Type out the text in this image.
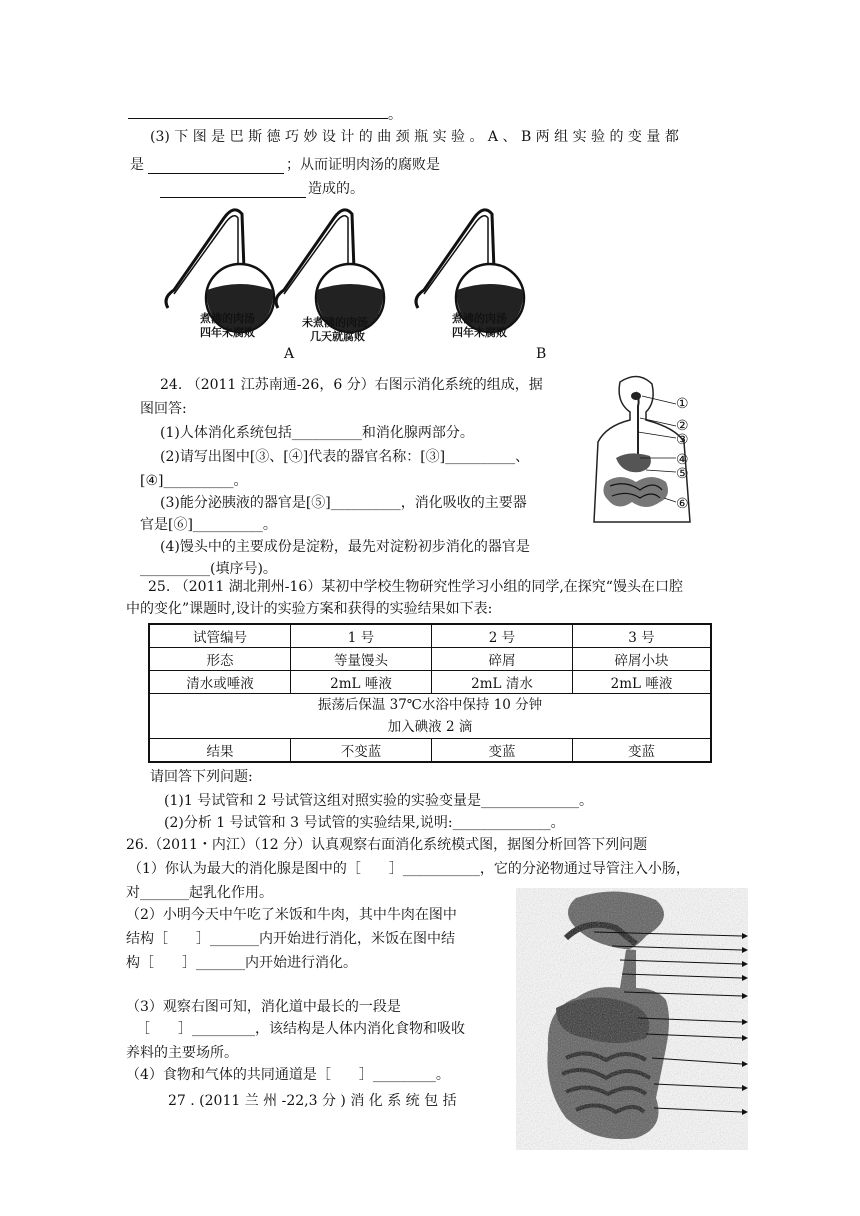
。
(3) 下 图 是 巴 斯 德 巧 妙 设 计 的 曲 颈 瓶 实 验 。 A 、 B 两 组 实 验 的 变 量 都
是	；从而证明肉汤的腐败是
造成的。
煮沸的肉汤
四年未腐败
未煮沸的肉汤
几天就腐败
煮沸的肉汤
四年未腐败
A	B
24. （2011 江苏南通-26，6 分）右图示消化系统的组成，据
图回答:
(1)人体消化系统包括__________和消化腺两部分。
(2)请写出图中[③、[④]代表的器官名称：[③]__________、
[④]__________。
(3)能分泌胰液的器官是[⑤]__________，消化吸收的主要器
官是[⑥]__________。
(4)馒头中的主要成份是淀粉，最先对淀粉初步消化的器官是
__________(填序号)。
①
②
③
④
⑤
⑥
25. （2011 湖北荆州-16）某初中学校生物研究性学习小组的同学,在探究“馒头在口腔
中的变化”课题时,设计的实验方案和获得的实验结果如下表:
试管编号	1 号	2 号	3 号
形态	等量馒头	碎屑	碎屑小块
清水或唾液	2mL 唾液	2mL 清水	2mL 唾液

振荡后保温 37℃水浴中保持 10 分钟
加入碘液 2 滴			

结果	不变蓝	变蓝	变蓝
请回答下列问题:
(1)1 号试管和 2 号试管这组对照实验的实验变量是______________。
(2)分析 1 号试管和 3 号试管的实验结果,说明:______________。
26.（2011・内江）（12 分）认真观察右面消化系统模式图，据图分析回答下列问题
（1）你认为最大的消化腺是图中的［　　］___________，它的分泌物通过导管注入小肠，
对_______起乳化作用。
（2）小明今天中午吃了米饭和牛肉，其中牛肉在图中
结构［　　］_______内开始进行消化，米饭在图中结
构［　　］_______内开始进行消化。
（3）观察右图可知，消化道中最长的一段是
［　　］_________，该结构是人体内消化食物和吸收
养料的主要场所。
（4）食物和气体的共同通道是［　　］_________。
27 . (2011 兰 州 -22,3 分 ) 消 化 系 统 包 括
